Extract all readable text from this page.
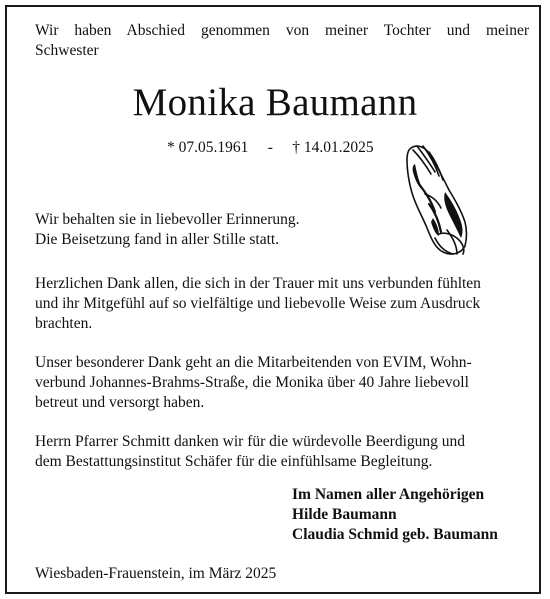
Wir haben Abschied genommen von meiner Tochter und meiner
Schwester
Monika Baumann
* 07.05.1961 - † 14.01.2025
Wir behalten sie in liebevoller Erinnerung.
Die Beisetzung fand in aller Stille statt.
Herzlichen Dank allen, die sich in der Trauer mit uns verbunden fühlten
und ihr Mitgefühl auf so vielfältige und liebevolle Weise zum Ausdruck
brachten.
Unser besonderer Dank geht an die Mitarbeitenden von EVIM, Wohn-
verbund Johannes-Brahms-Straße, die Monika über 40 Jahre liebevoll
betreut und versorgt haben.
Herrn Pfarrer Schmitt danken wir für die würdevolle Beerdigung und
dem Bestattungsinstitut Schäfer für die einfühlsame Begleitung.
Im Namen aller Angehörigen
Hilde Baumann
Claudia Schmid geb. Baumann
Wiesbaden-Frauenstein, im März 2025
